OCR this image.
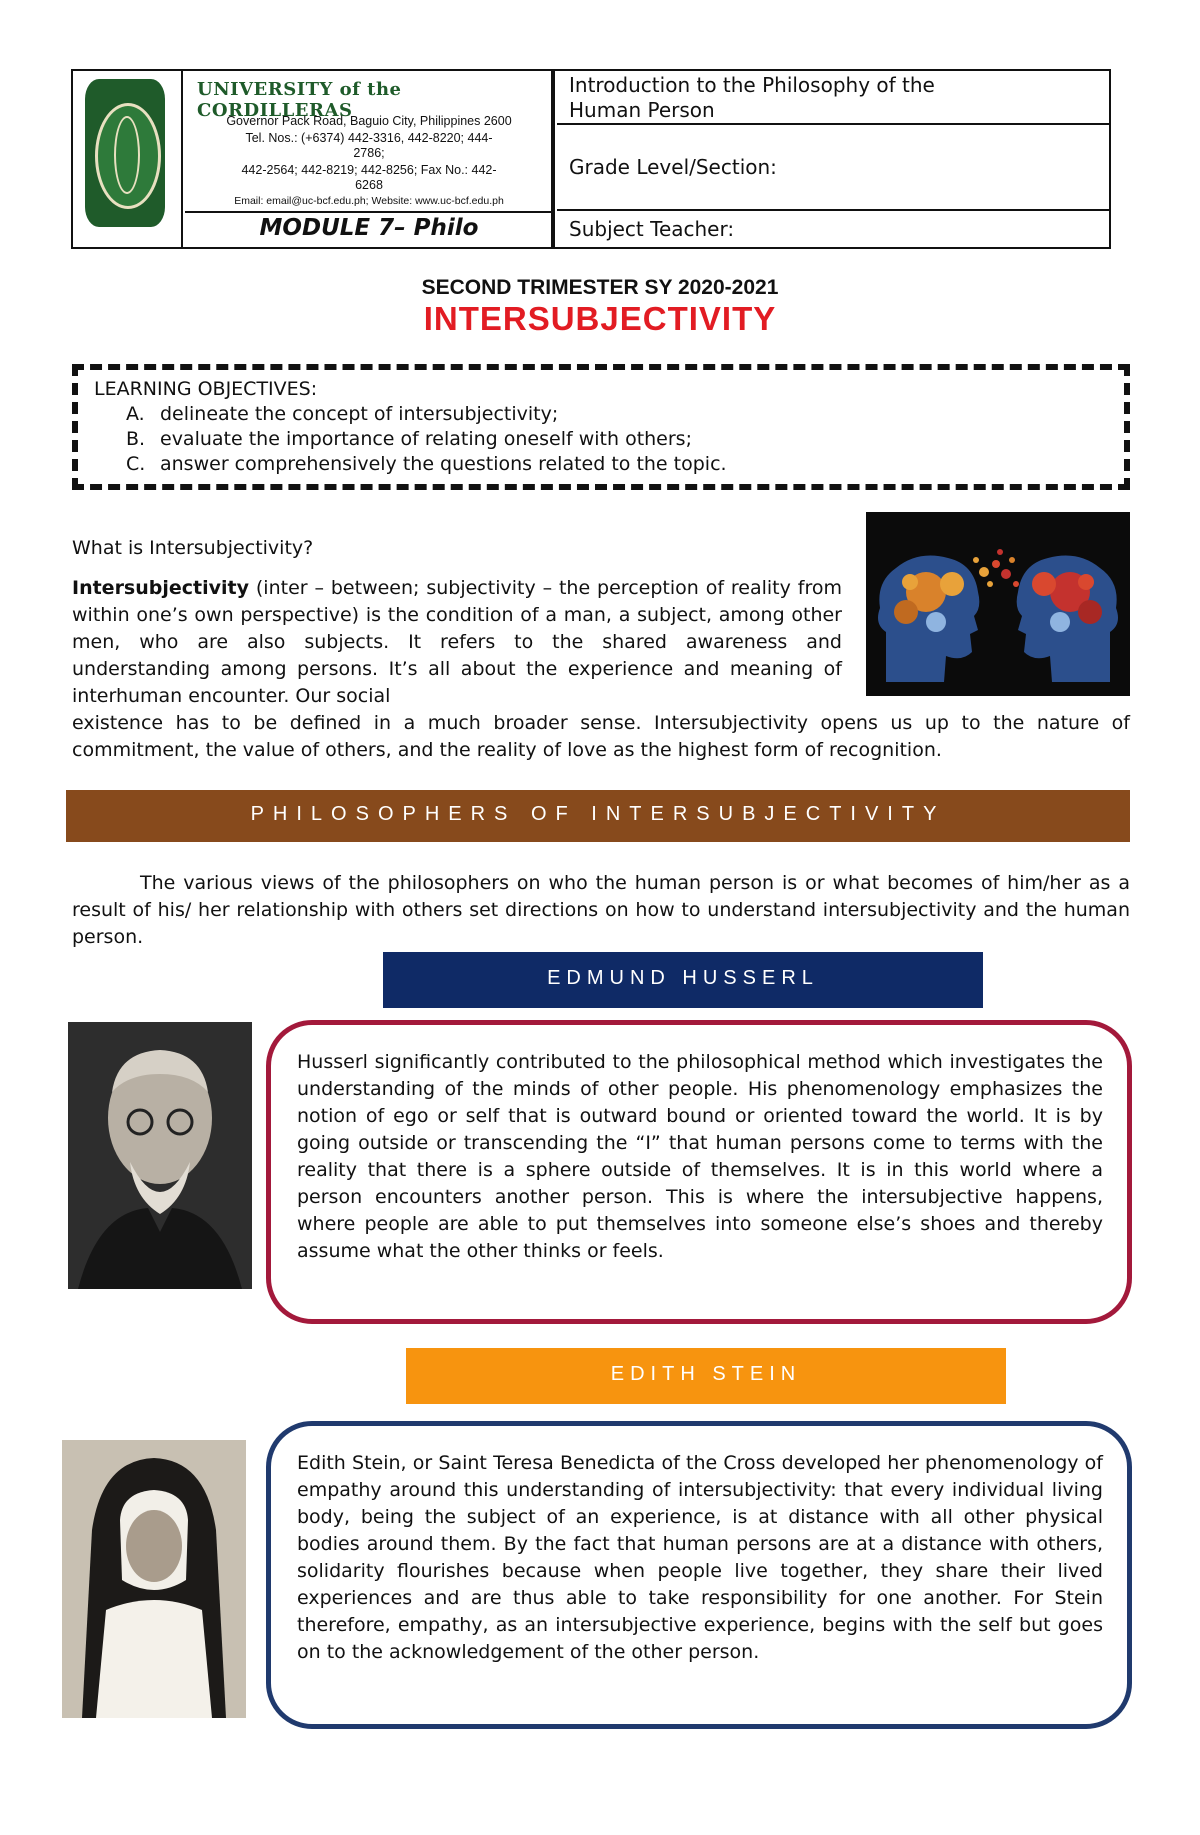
UNIVERSITY of the CORDILLERAS
Governor Pack Road, Baguio City, Philippines 2600
Tel. Nos.: (+6374) 442-3316, 442-8220; 444-
2786;
442-2564; 442-8219; 442-8256; Fax No.: 442-
6268
Email: email@uc-bcf.edu.ph; Website: www.uc-bcf.edu.ph
MODULE 7– Philo
Introduction to the Philosophy of the
Human Person
Grade Level/Section:
Subject Teacher:
SECOND TRIMESTER SY 2020-2021
INTERSUBJECTIVITY
LEARNING OBJECTIVES:
A. delineate the concept of intersubjectivity;
B. evaluate the importance of relating oneself with others;
C. answer comprehensively the questions related to the topic.
What is Intersubjectivity?
Intersubjectivity (inter – between; subjectivity – the perception of reality from within one’s own perspective) is the condition of a man, a subject, among other men, who are also subjects. It refers to the shared awareness and understanding among persons. It’s all about the experience and meaning of interhuman encounter. Our social
existence has to be defined in a much broader sense. Intersubjectivity opens us up to the nature of commitment, the value of others, and the reality of love as the highest form of recognition.
PHILOSOPHERS OF INTERSUBJECTIVITY
The various views of the philosophers on who the human person is or what becomes of him/her as a result of his/ her relationship with others set directions on how to understand intersubjectivity and the human person.
EDMUND HUSSERL
Husserl significantly contributed to the philosophical method which investigates the understanding of the minds of other people. His phenomenology emphasizes the notion of ego or self that is outward bound or oriented toward the world. It is by going outside or transcending the “I” that human persons come to terms with the reality that there is a sphere outside of themselves. It is in this world where a person encounters another person. This is where the intersubjective happens, where people are able to put themselves into someone else’s shoes and thereby assume what the other thinks or feels.
EDITH STEIN
Edith Stein, or Saint Teresa Benedicta of the Cross developed her phenomenology of empathy around this understanding of intersubjectivity: that every individual living body, being the subject of an experience, is at distance with all other physical bodies around them. By the fact that human persons are at a distance with others, solidarity flourishes because when people live together, they share their lived experiences and are thus able to take responsibility for one another. For Stein therefore, empathy, as an intersubjective experience, begins with the self but goes on to the acknowledgement of the other person.
